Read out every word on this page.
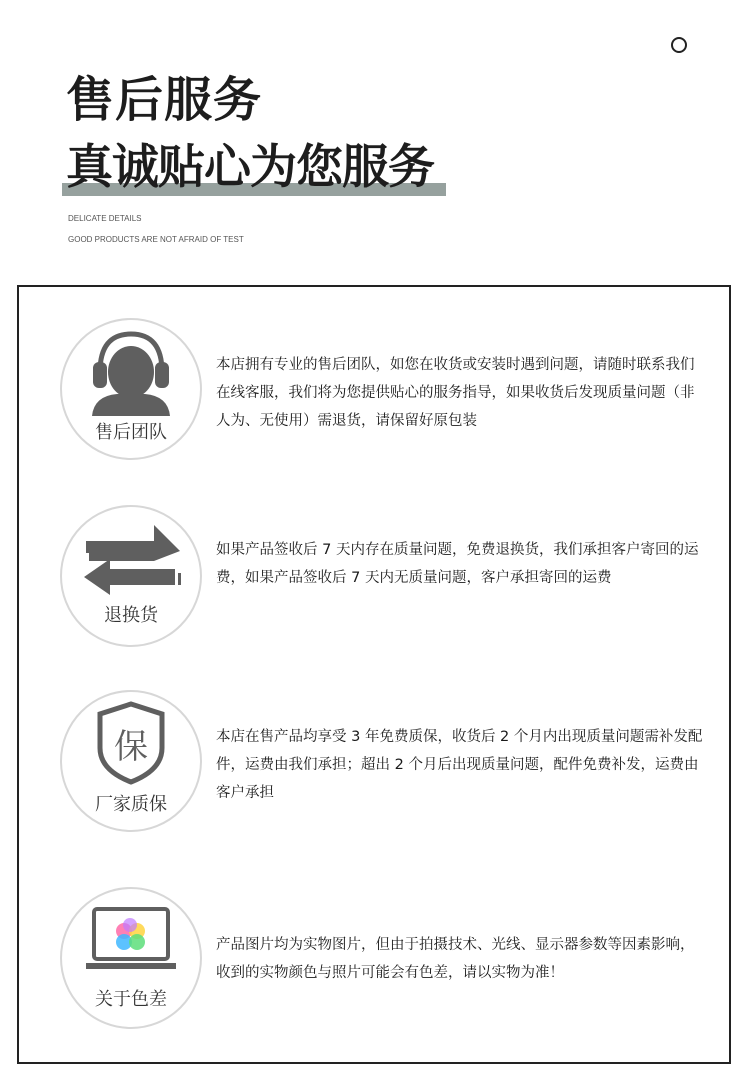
售后服务
真诚贴心为您服务
DELICATE DETAILS
GOOD PRODUCTS ARE NOT AFRAID OF TEST
售后团队
本店拥有专业的售后团队，如您在收货或安装时遇到问题，请随时联系我们在线客服，我们将为您提供贴心的服务指导，如果收货后发现质量问题（非人为、无使用）需退货，请保留好原包装
退换货
如果产品签收后 7 天内存在质量问题，免费退换货，我们承担客户寄回的运费，如果产品签收后 7 天内无质量问题，客户承担寄回的运费
保
厂家质保
本店在售产品均享受 3 年免费质保，收货后 2 个月内出现质量问题需补发配件，运费由我们承担；超出 2 个月后出现质量问题，配件免费补发，运费由客户承担
关于色差
产品图片均为实物图片，但由于拍摄技术、光线、显示器参数等因素影响，收到的实物颜色与照片可能会有色差，请以实物为准！
